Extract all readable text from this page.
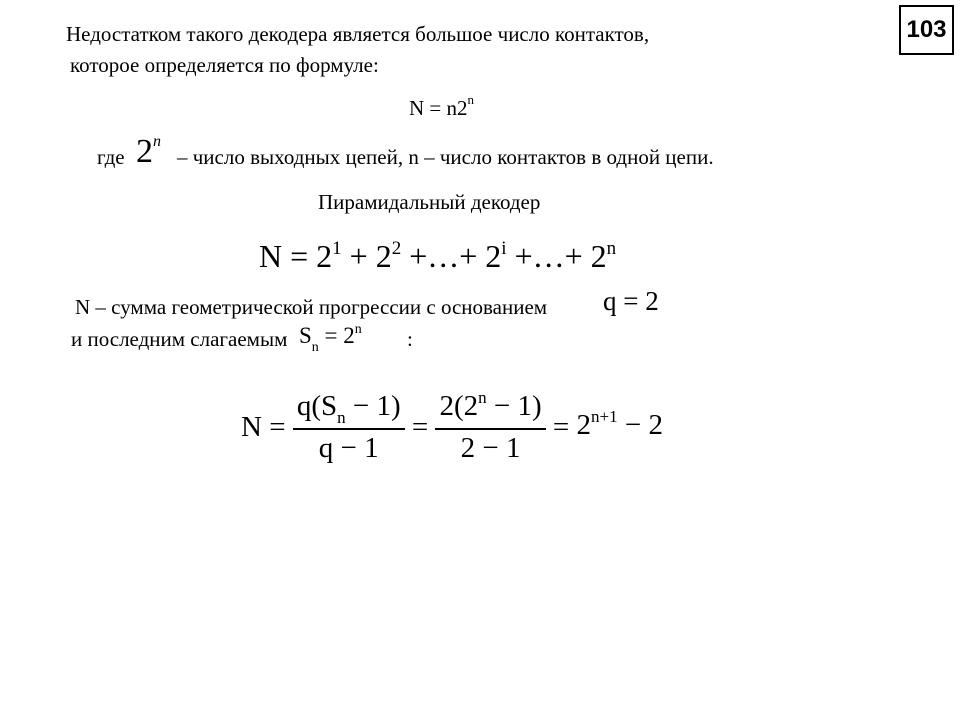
103
Недостатком такого декодера является большое число контактов,
которое определяется по формуле:
$N = n2^n$
где 2$^n$
– число выходных цепей, n – число контактов в одной цепи.
Пирамидальный декодер
$N = 2^1 + 2^2$ +…+ $2^i$ +…+ $2^n$
N – сумма геометрической прогрессии с основанием q = 2
и последним слагаемым $S_n = 2^n$ :
$N = \frac{q(S_n - 1)}{q - 1} = \frac{2(2^n - 1)}{2 - 1} = 2^{n+1} - 2$
